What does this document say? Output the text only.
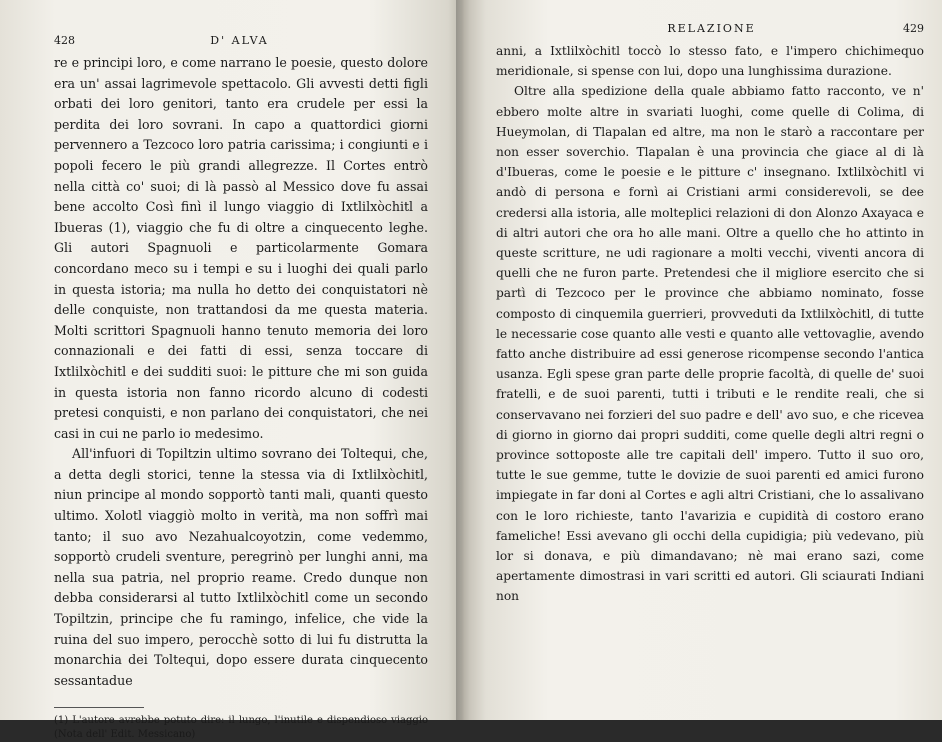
428	D' ALVA

re e principi loro, e come narrano le poesie, questo dolore era un' assai lagrimevole spettacolo. Gli avvesti detti figli orbati dei loro genitori, tanto era crudele per essi la perdita dei loro sovrani. In capo a quattordici giorni pervennero a Tezcoco loro patria carissima; i congiunti e i popoli fecero le più grandi allegrezze. Il Cortes entrò nella città co' suoi; di là passò al Messico dove fu assai bene accolto Così finì il lungo viaggio di Ixtlilxòchitl a Ibueras (1), viaggio che fu di oltre a cinquecento leghe. Gli autori Spagnuoli e particolarmente Gomara concordano meco su i tempi e su i luoghi dei quali parlo in questa istoria; ma nulla ho detto dei conquistatori nè delle conquiste, non trattandosi da me questa materia. Molti scrittori Spagnuoli hanno tenuto memoria dei loro connazionali e dei fatti di essi, senza toccare di Ixtlilxòchitl e dei sudditi suoi: le pitture che mi son guida in questa istoria non fanno ricordo alcuno di codesti pretesi conquisti, e non parlano dei conquistatori, che nei casi in cui ne parlo io medesimo.

All'infuori di Topiltzin ultimo sovrano dei Toltequi, che, a detta degli storici, tenne la stessa via di Ixtlilxòchitl, niun principe al mondo sopportò tanti mali, quanti questo ultimo. Xolotl viaggiò molto in verità, ma non soffrì mai tanto; il suo avo Nezahualcoyotzin, come vedemmo, sopportò crudeli sventure, peregrinò per lunghi anni, ma nella sua patria, nel proprio reame. Credo dunque non debba considerarsi al tutto Ixtlilxòchitl come un secondo Topiltzin, principe che fu ramingo, infelice, che vide la ruina del suo impero, perocchè sotto di lui fu distrutta la monarchia dei Toltequi, dopo essere durata cinquecento sessantadue

(1) L'autore avrebbe potuto dire: il lungo, l'inutile e dispendioso viaggio (Nota dell' Edit. Messicano)
RELAZIONE	429

anni, a Ixtlilxòchitl toccò lo stesso fato, e l'impero chichimequo meridionale, si spense con lui, dopo una lunghissima durazione.

Oltre alla spedizione della quale abbiamo fatto racconto, ve n' ebbero molte altre in svariati luoghi, come quelle di Colima, di Hueymolan, di Tlapalan ed altre, ma non le starò a raccontare per non esser soverchio. Tlapalan è una provincia che giace al di là d'Ibueras, come le poesie e le pitture c' insegnano. Ixtlilxòchitl vi andò di persona e fornì ai Cristiani armi considerevoli, se dee credersi alla istoria, alle molteplici relazioni di don Alonzo Axayaca e di altri autori che ora ho alle mani. Oltre a quello che ho attinto in queste scritture, ne udi ragionare a molti vecchi, viventi ancora di quelli che ne furon parte. Pretendesi che il migliore esercito che si partì di Tezcoco per le province che abbiamo nominato, fosse composto di cinquemila guerrieri, provveduti da Ixtlilxòchitl, di tutte le necessarie cose quanto alle vesti e quanto alle vettovaglie, avendo fatto anche distribuire ad essi generose ricompense secondo l'antica usanza. Egli spese gran parte delle proprie facoltà, di quelle de' suoi fratelli, e de suoi parenti, tutti i tributi e le rendite reali, che si conservavano nei forzieri del suo padre e dell' avo suo, e che ricevea di giorno in giorno dai propri sudditi, come quelle degli altri regni o province sottoposte alle tre capitali dell' impero. Tutto il suo oro, tutte le sue gemme, tutte le dovizie de suoi parenti ed amici furono impiegate in far doni al Cortes e agli altri Cristiani, che lo assalivano con le loro richieste, tanto l'avarizia e cupidità di costoro erano fameliche! Essi avevano gli occhi della cupidigia; più vedevano, più lor si donava, e più dimandavano; nè mai erano sazi, come apertamente dimostrasi in vari scritti ed autori. Gli sciaurati Indiani non
